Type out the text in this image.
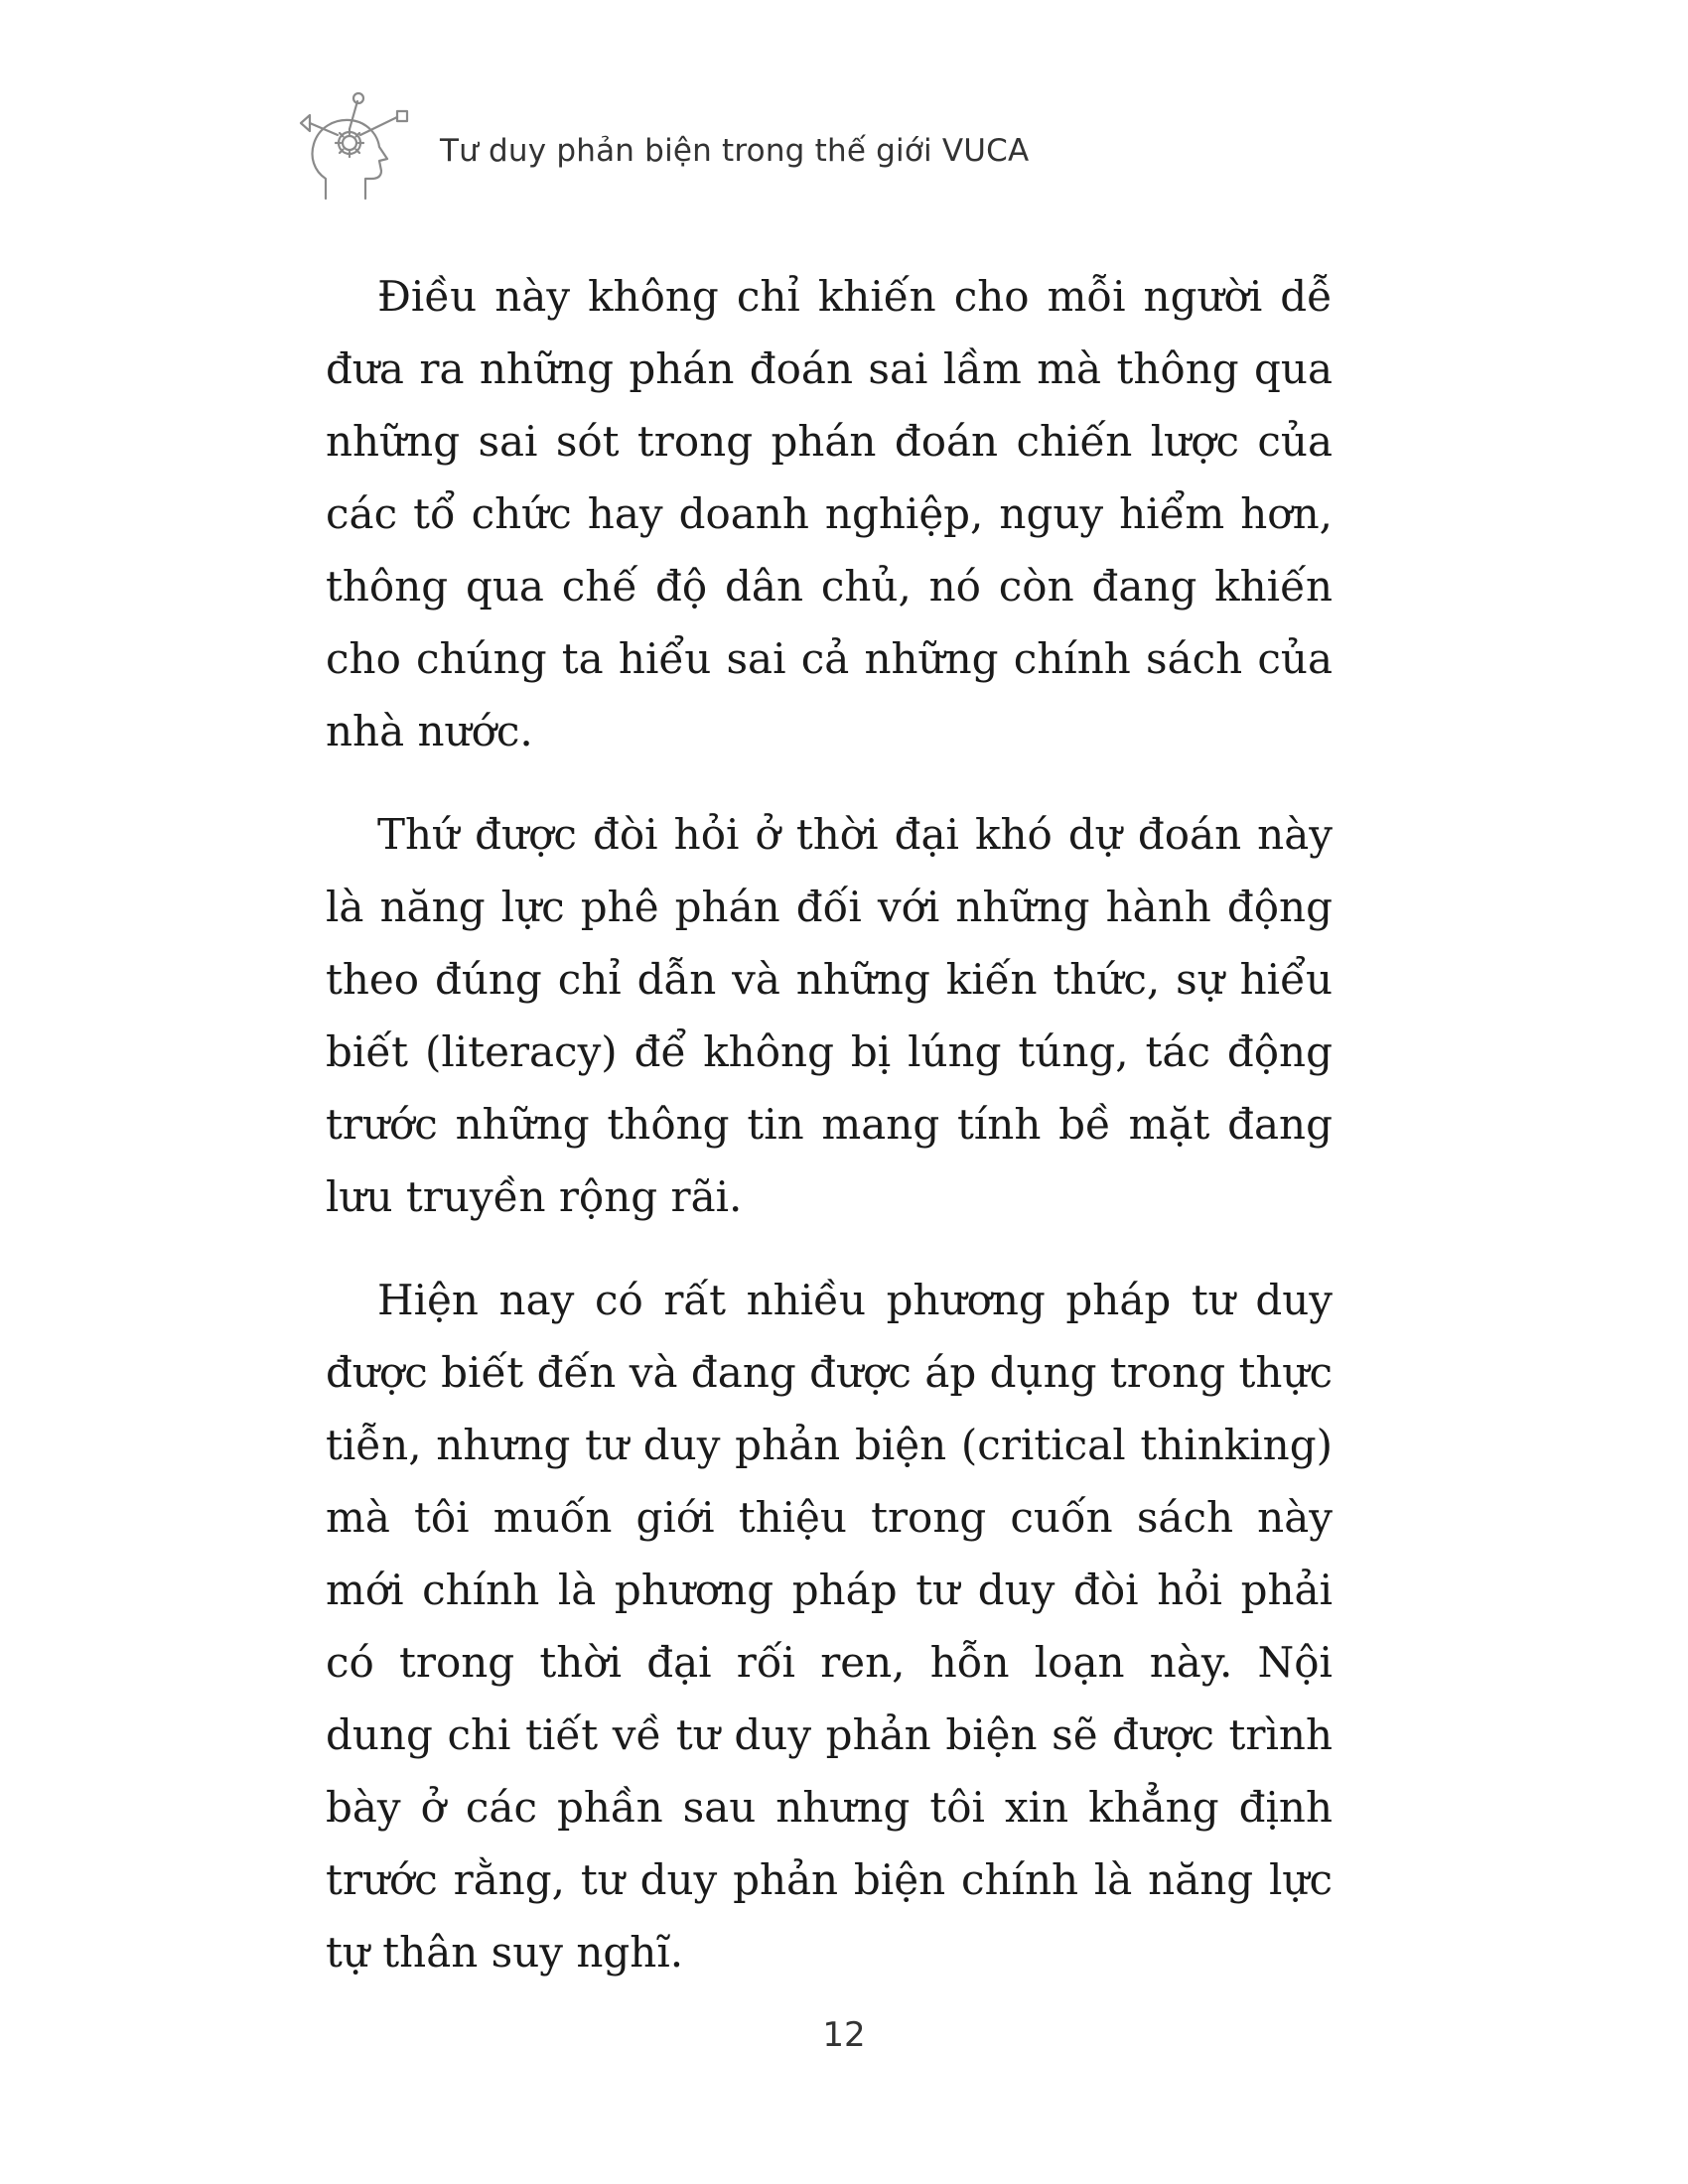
Tư duy phản biện trong thế giới VUCA

Điều này không chỉ khiến cho mỗi người dễ đưa ra những phán đoán sai lầm mà thông qua những sai sót trong phán đoán chiến lược của các tổ chức hay doanh nghiệp, nguy hiểm hơn, thông qua chế độ dân chủ, nó còn đang khiến cho chúng ta hiểu sai cả những chính sách của nhà nước.

Thứ được đòi hỏi ở thời đại khó dự đoán này là năng lực phê phán đối với những hành động theo đúng chỉ dẫn và những kiến thức, sự hiểu biết (literacy) để không bị lúng túng, tác động trước những thông tin mang tính bề mặt đang lưu truyền rộng rãi.

Hiện nay có rất nhiều phương pháp tư duy được biết đến và đang được áp dụng trong thực tiễn, nhưng tư duy phản biện (critical thinking) mà tôi muốn giới thiệu trong cuốn sách này mới chính là phương pháp tư duy đòi hỏi phải có trong thời đại rối ren, hỗn loạn này. Nội dung chi tiết về tư duy phản biện sẽ được trình bày ở các phần sau nhưng tôi xin khẳng định trước rằng, tư duy phản biện chính là năng lực tự thân suy nghĩ.

12
